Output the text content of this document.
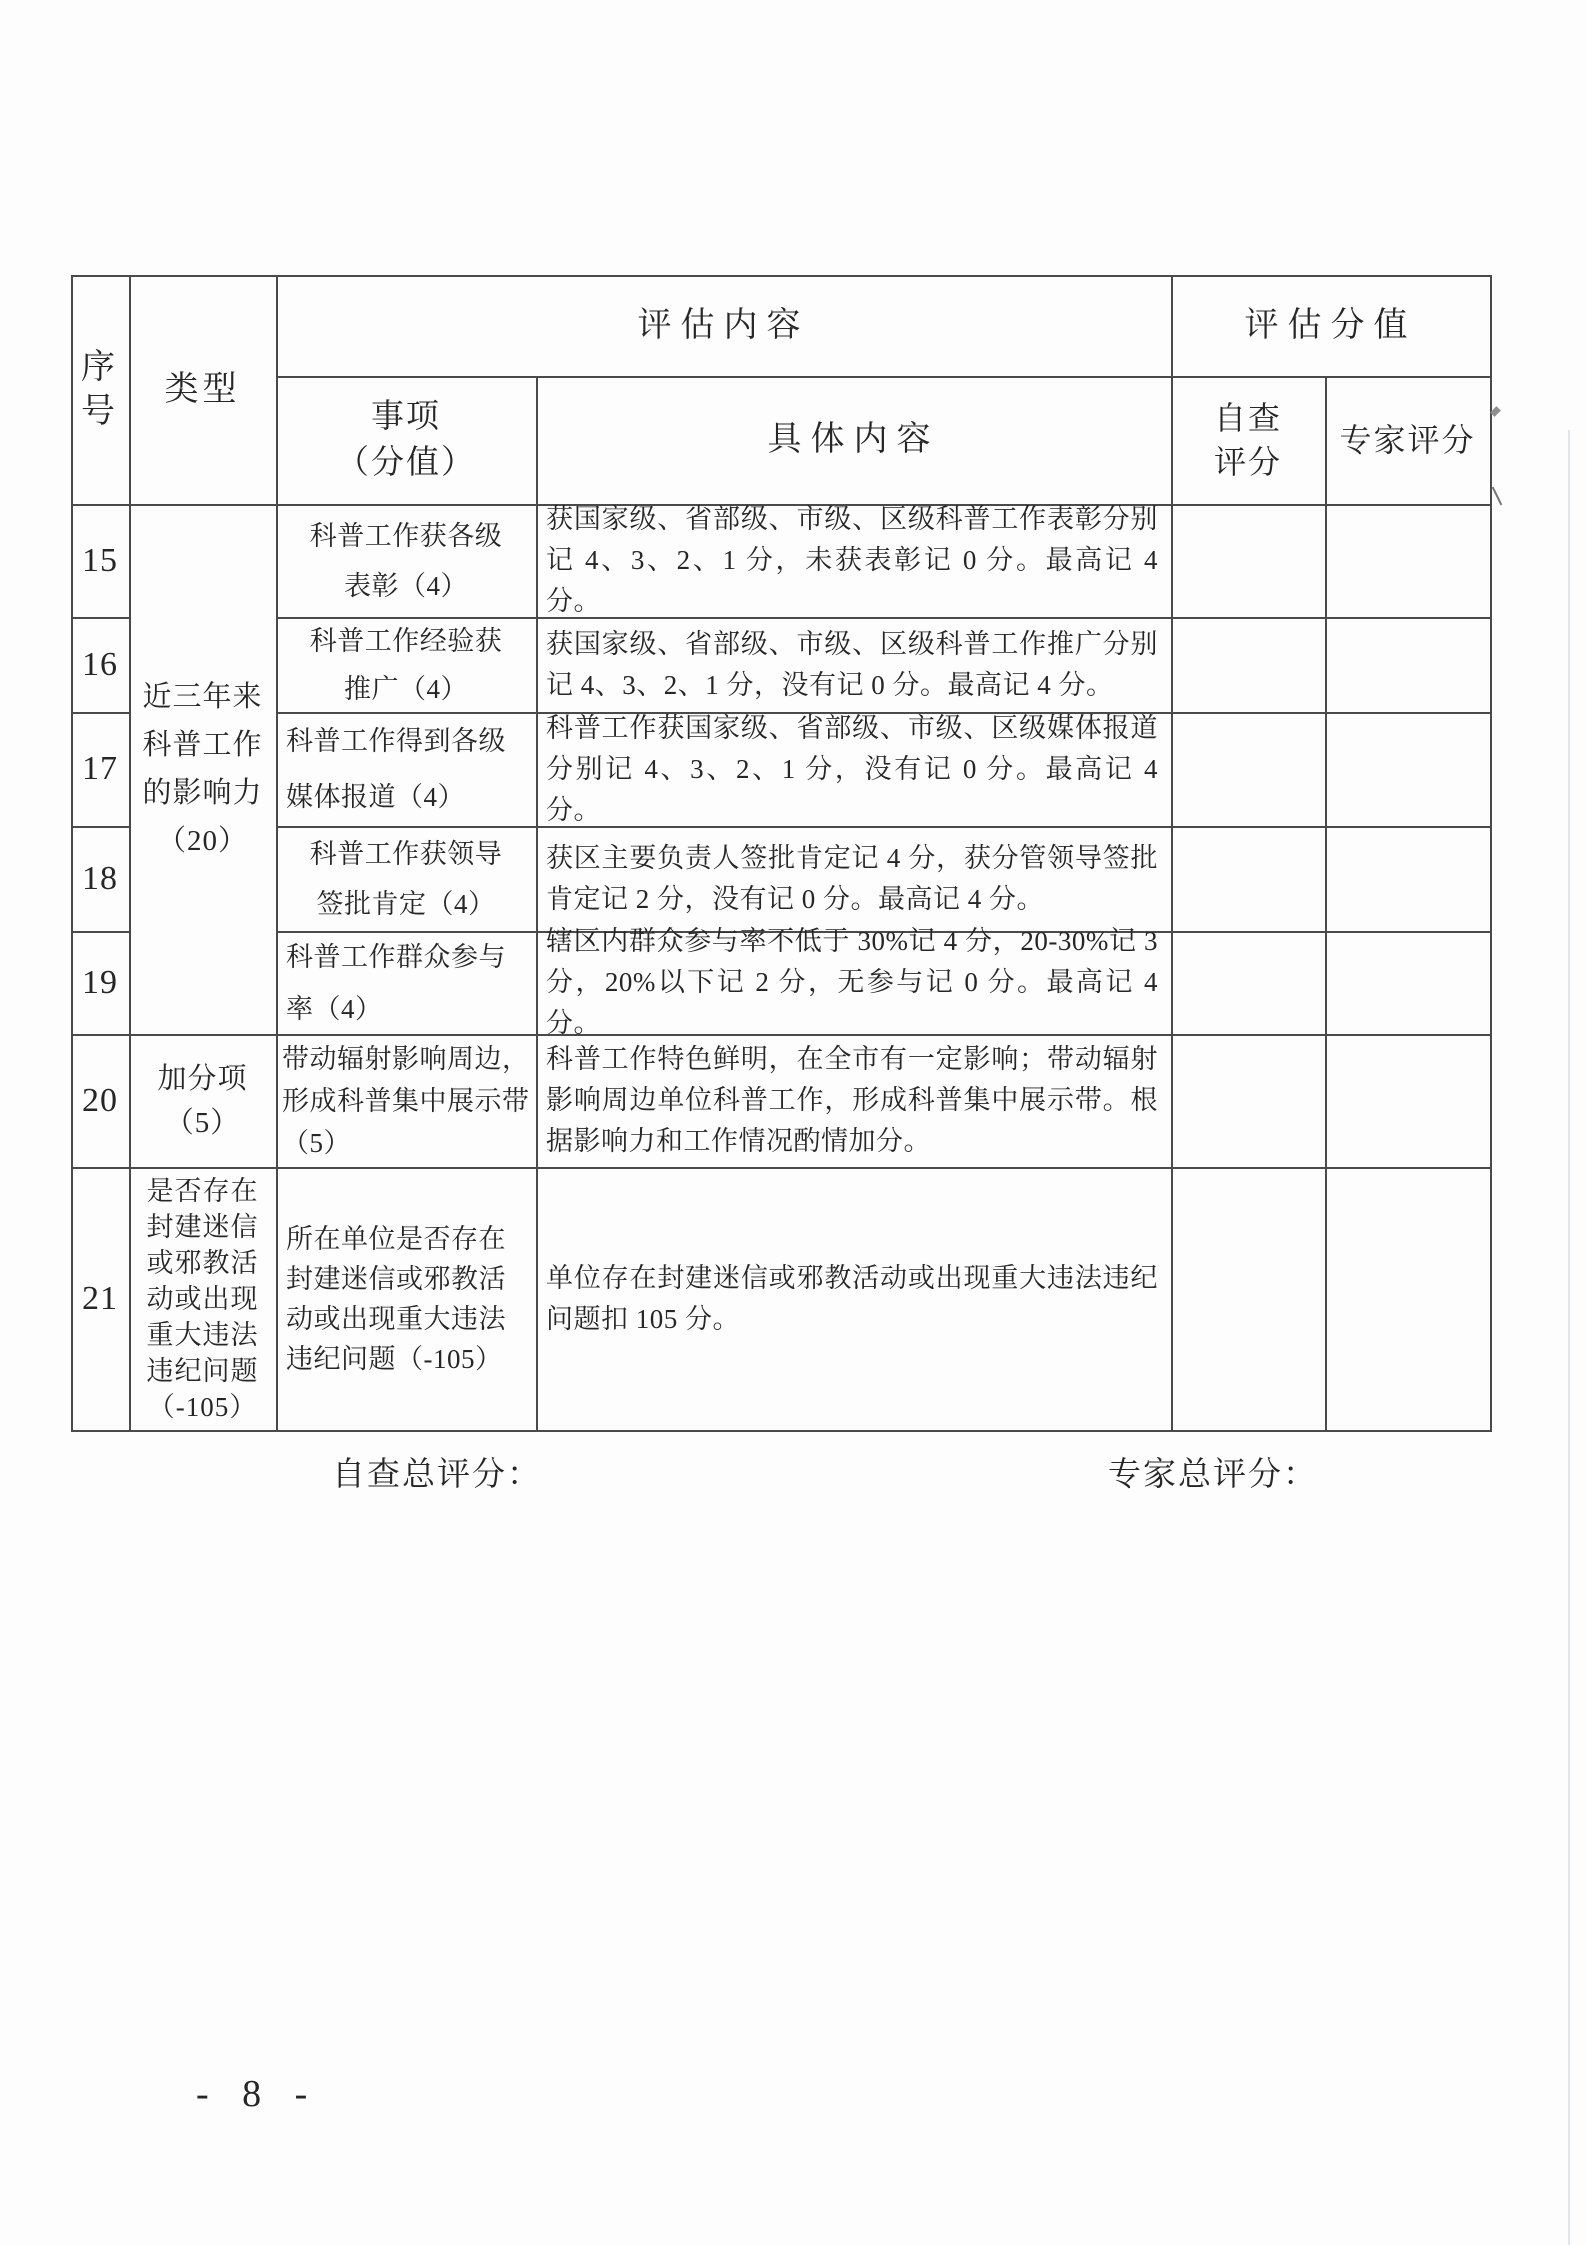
序
号
类型
评估内容	评估分值
事项
（分值）
具体内容
自查
评分
专家评分
15
16
17
18
19
20
21
近三年来
科普工作
的影响力
（20）
加分项
（5）
是否存在
封建迷信
或邪教活
动或出现
重大违法
违纪问题
（-105）
科普工作获各级
表彰（4）
科普工作经验获
推广（4）
科普工作得到各级
媒体报道（4）
科普工作获领导
签批肯定（4）
科普工作群众参与
率（4）
带动辐射影响周边，
形成科普集中展示带
（5）
所在单位是否存在
封建迷信或邪教活
动或出现重大违法
违纪问题（-105）
获国家级、省部级、市级、区级科普工作表彰分别记 4、3、2、1 分，未获表彰记 0 分。最高记 4 分。
获国家级、省部级、市级、区级科普工作推广分别记 4、3、2、1 分，没有记 0 分。最高记 4 分。
科普工作获国家级、省部级、市级、区级媒体报道分别记 4、3、2、1 分，没有记 0 分。最高记 4 分。
获区主要负责人签批肯定记 4 分，获分管领导签批肯定记 2 分，没有记 0 分。最高记 4 分。
辖区内群众参与率不低于 30%记 4 分，20-30%记 3 分，20%以下记 2 分，无参与记 0 分。最高记 4 分。
科普工作特色鲜明，在全市有一定影响；带动辐射影响周边单位科普工作，形成科普集中展示带。根据影响力和工作情况酌情加分。
单位存在封建迷信或邪教活动或出现重大违法违纪问题扣 105 分。
自查总评分：	专家总评分：
- 8 -
